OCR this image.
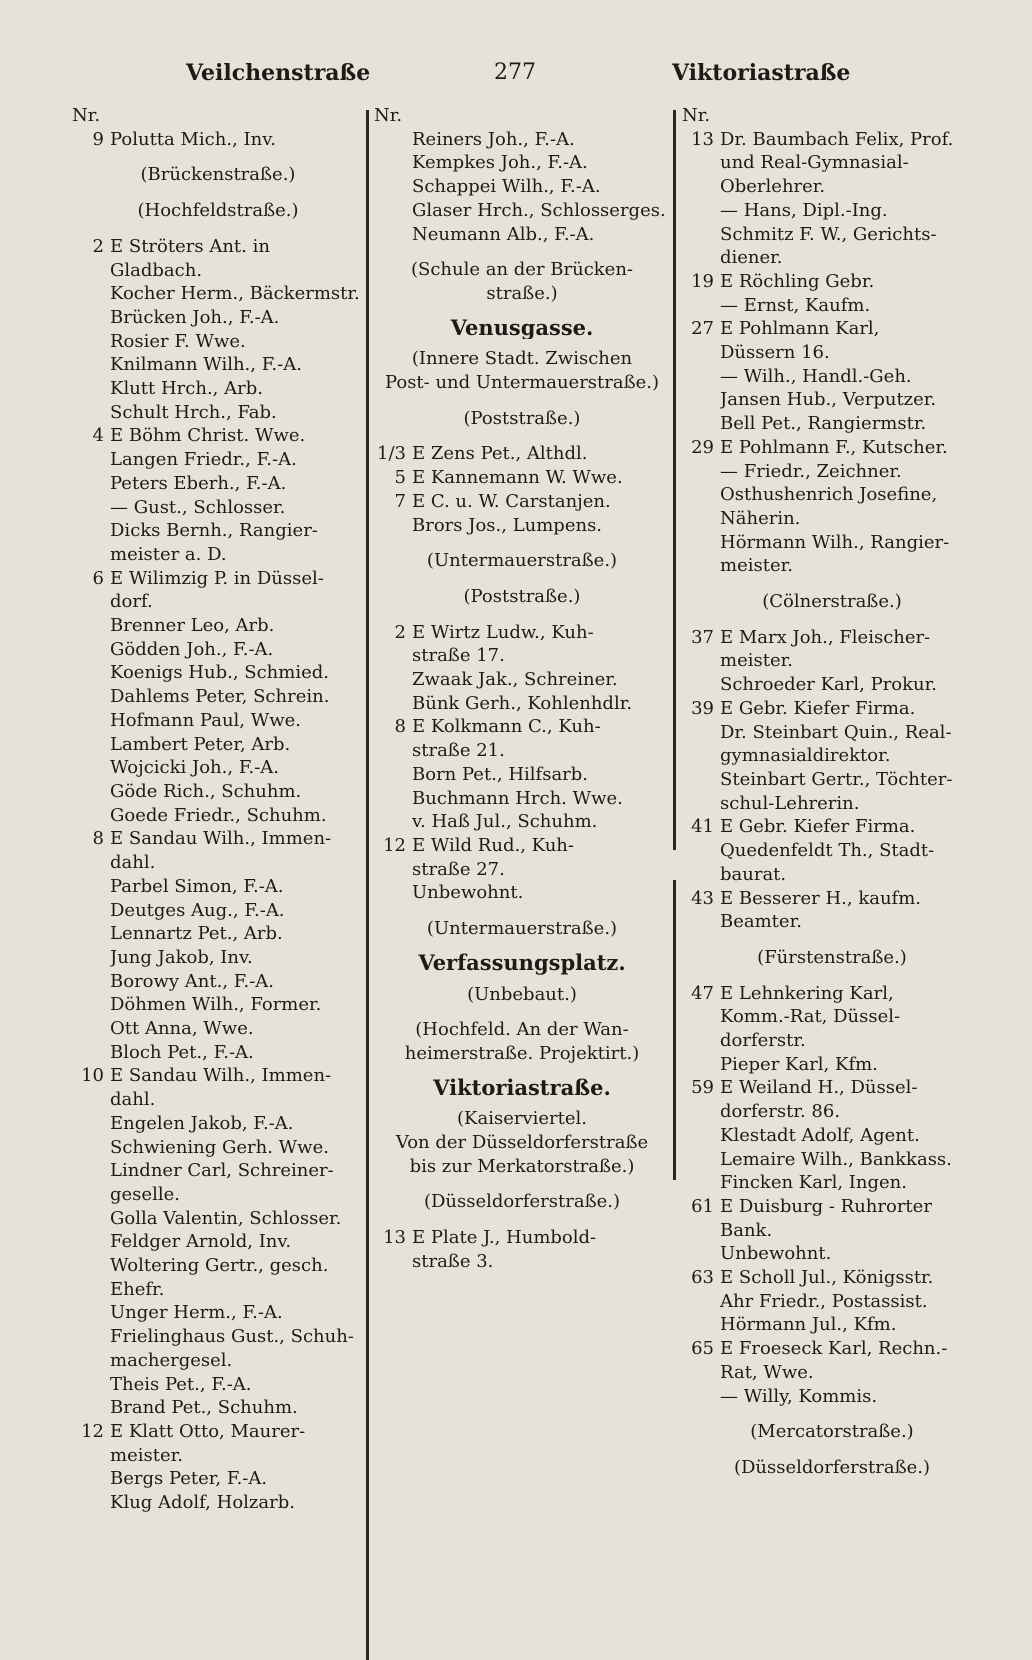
Veilchenstraße	277	Viktoriastraße
Nr.
9 Polutta Mich., Inv.
(Brückenstraße.)
(Hochfeldstraße.)
2 E Ströters Ant. in
Gladbach.
Kocher Herm., Bäckermstr.
Brücken Joh., F.-A.
Rosier F. Wwe.
Knilmann Wilh., F.-A.
Klutt Hrch., Arb.
Schult Hrch., Fab.
4 E Böhm Christ. Wwe.
Langen Friedr., F.-A.
Peters Eberh., F.-A.
— Gust., Schlosser.
Dicks Bernh., Rangier-
meister a. D.
6 E Wilimzig P. in Düssel-
dorf.
Brenner Leo, Arb.
Gödden Joh., F.-A.
Koenigs Hub., Schmied.
Dahlems Peter, Schrein.
Hofmann Paul, Wwe.
Lambert Peter, Arb.
Wojcicki Joh., F.-A.
Göde Rich., Schuhm.
Goede Friedr., Schuhm.
8 E Sandau Wilh., Immen-
dahl.
Parbel Simon, F.-A.
Deutges Aug., F.-A.
Lennartz Pet., Arb.
Jung Jakob, Inv.
Borowy Ant., F.-A.
Döhmen Wilh., Former.
Ott Anna, Wwe.
Bloch Pet., F.-A.
10 E Sandau Wilh., Immen-
dahl.
Engelen Jakob, F.-A.
Schwiening Gerh. Wwe.
Lindner Carl, Schreiner-
geselle.
Golla Valentin, Schlosser.
Feldger Arnold, Inv.
Woltering Gertr., gesch.
Ehefr.
Unger Herm., F.-A.
Frielinghaus Gust., Schuh-
machergesel.
Theis Pet., F.-A.
Brand Pet., Schuhm.
12 E Klatt Otto, Maurer-
meister.
Bergs Peter, F.-A.
Klug Adolf, Holzarb.
Nr.
Reiners Joh., F.-A.
Kempkes Joh., F.-A.
Schappei Wilh., F.-A.
Glaser Hrch., Schlosserges.
Neumann Alb., F.-A.
(Schule an der Brücken-
straße.)
Venusgasse.
(Innere Stadt. Zwischen
Post- und Untermauerstraße.)
(Poststraße.)
1/3 E Zens Pet., Althdl.
5 E Kannemann W. Wwe.
7 E C. u. W. Carstanjen.
Brors Jos., Lumpens.
(Untermauerstraße.)
(Poststraße.)
2 E Wirtz Ludw., Kuh-
straße 17.
Zwaak Jak., Schreiner.
Bünk Gerh., Kohlenhdlr.
8 E Kolkmann C., Kuh-
straße 21.
Born Pet., Hilfsarb.
Buchmann Hrch. Wwe.
v. Haß Jul., Schuhm.
12 E Wild Rud., Kuh-
straße 27.
Unbewohnt.
(Untermauerstraße.)
Verfassungsplatz.
(Unbebaut.)
(Hochfeld. An der Wan-
heimerstraße. Projektirt.)
Viktoriastraße.
(Kaiserviertel.
Von der Düsseldorferstraße
bis zur Merkatorstraße.)
(Düsseldorferstraße.)
13 E Plate J., Humbold-
straße 3.
Nr.
13 Dr. Baumbach Felix, Prof.
und Real-Gymnasial-
Oberlehrer.
— Hans, Dipl.-Ing.
Schmitz F. W., Gerichts-
diener.
19 E Röchling Gebr.
— Ernst, Kaufm.
27 E Pohlmann Karl,
Düssern 16.
— Wilh., Handl.-Geh.
Jansen Hub., Verputzer.
Bell Pet., Rangiermstr.
29 E Pohlmann F., Kutscher.
— Friedr., Zeichner.
Osthushenrich Josefine,
Näherin.
Hörmann Wilh., Rangier-
meister.
(Cölnerstraße.)
37 E Marx Joh., Fleischer-
meister.
Schroeder Karl, Prokur.
39 E Gebr. Kiefer Firma.
Dr. Steinbart Quin., Real-
gymnasialdirektor.
Steinbart Gertr., Töchter-
schul-Lehrerin.
41 E Gebr. Kiefer Firma.
Quedenfeldt Th., Stadt-
baurat.
43 E Besserer H., kaufm.
Beamter.
(Fürstenstraße.)
47 E Lehnkering Karl,
Komm.-Rat, Düssel-
dorferstr.
Pieper Karl, Kfm.
59 E Weiland H., Düssel-
dorferstr. 86.
Klestadt Adolf, Agent.
Lemaire Wilh., Bankkass.
Fincken Karl, Ingen.
61 E Duisburg - Ruhrorter
Bank.
Unbewohnt.
63 E Scholl Jul., Königsstr.
Ahr Friedr., Postassist.
Hörmann Jul., Kfm.
65 E Froeseck Karl, Rechn.-
Rat, Wwe.
— Willy, Kommis.
(Mercatorstraße.)
(Düsseldorferstraße.)
